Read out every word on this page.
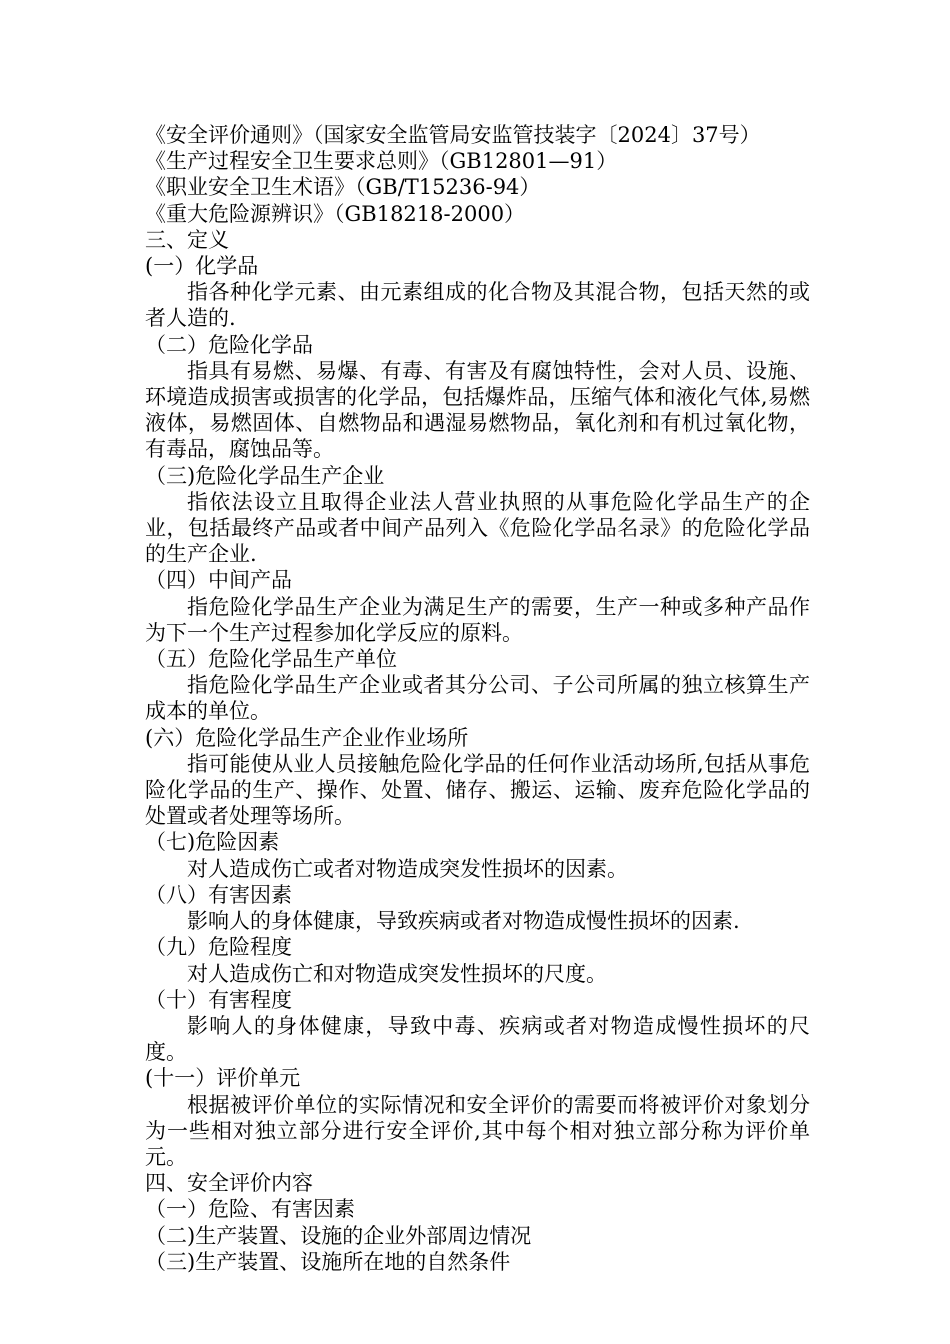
《安全评价通则》（国家安全监管局安监管技装字〔2024〕37号）

《生产过程安全卫生要求总则》（GB12801—91）

《职业安全卫生术语》（GB/T15236-94）

《重大危险源辨识》（GB18218-2000）

三、定义

(一）化学品

指各种化学元素、由元素组成的化合物及其混合物，包括天然的或者人造的.

（二）危险化学品

指具有易燃、易爆、有毒、有害及有腐蚀特性，会对人员、设施、环境造成损害或损害的化学品，包括爆炸品，压缩气体和液化气体,易燃液体，易燃固体、自燃物品和遇湿易燃物品，氧化剂和有机过氧化物，有毒品，腐蚀品等。

（三)危险化学品生产企业

指依法设立且取得企业法人营业执照的从事危险化学品生产的企业，包括最终产品或者中间产品列入《危险化学品名录》的危险化学品的生产企业.

（四）中间产品

指危险化学品生产企业为满足生产的需要，生产一种或多种产品作为下一个生产过程参加化学反应的原料。

（五）危险化学品生产单位

指危险化学品生产企业或者其分公司、子公司所属的独立核算生产成本的单位。

(六）危险化学品生产企业作业场所

指可能使从业人员接触危险化学品的任何作业活动场所,包括从事危险化学品的生产、操作、处置、储存、搬运、运输、废弃危险化学品的处置或者处理等场所。

（七)危险因素

对人造成伤亡或者对物造成突发性损坏的因素。

（八）有害因素

影响人的身体健康，导致疾病或者对物造成慢性损坏的因素.

（九）危险程度

对人造成伤亡和对物造成突发性损坏的尺度。

（十）有害程度

影响人的身体健康，导致中毒、疾病或者对物造成慢性损坏的尺度。

(十一）评价单元

根据被评价单位的实际情况和安全评价的需要而将被评价对象划分为一些相对独立部分进行安全评价,其中每个相对独立部分称为评价单元。

四、安全评价内容

（一）危险、有害因素

（二)生产装置、设施的企业外部周边情况

（三)生产装置、设施所在地的自然条件
